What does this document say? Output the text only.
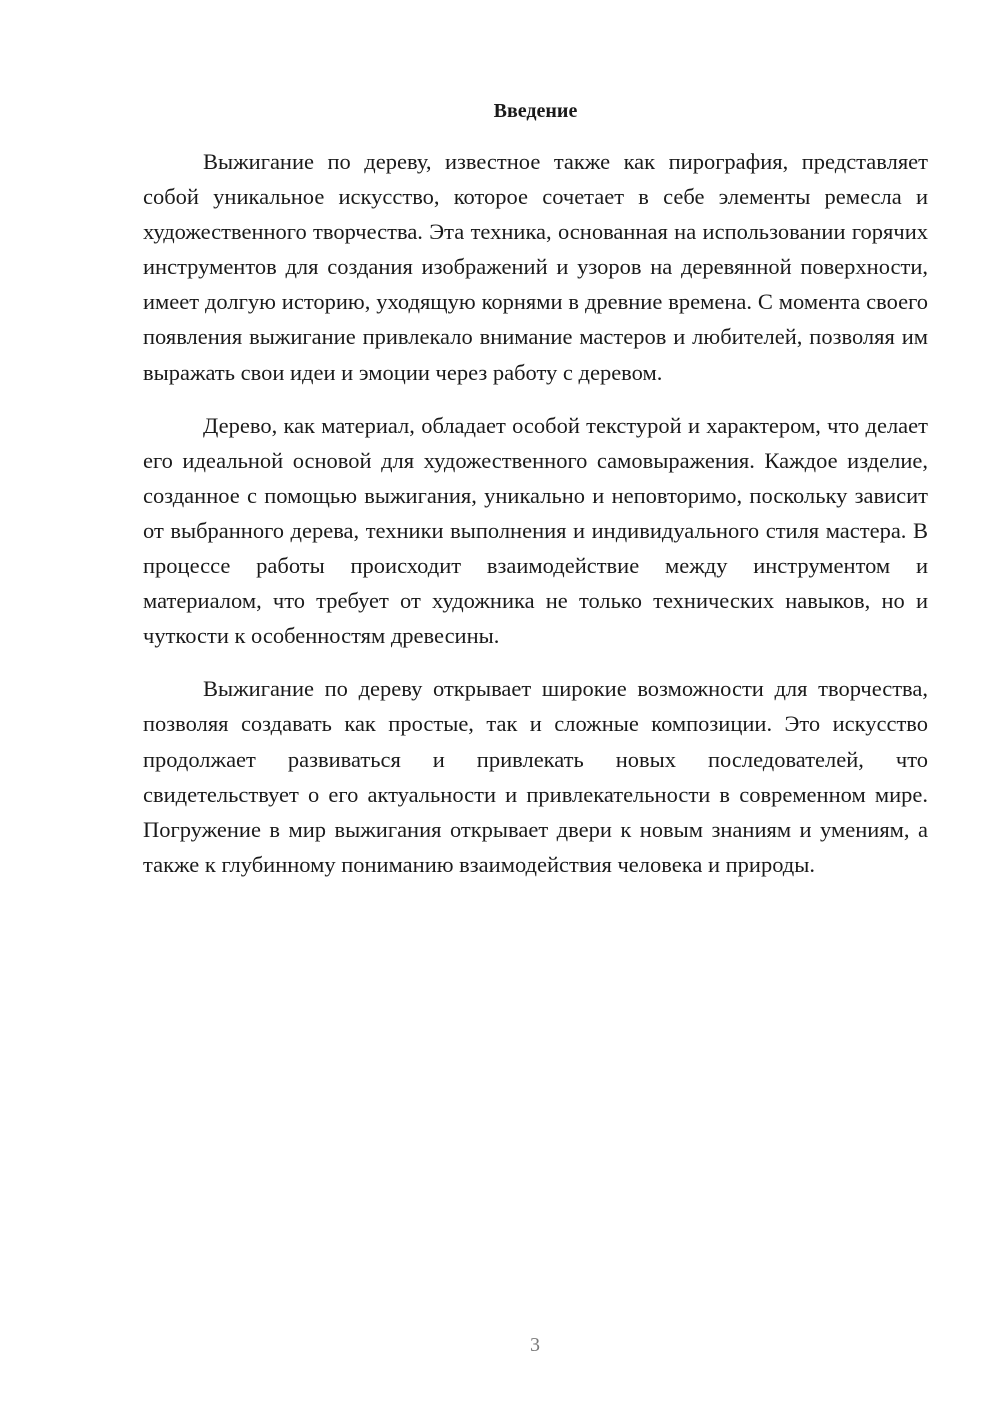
Введение

Выжигание по дереву, известное также как пирография, представляет собой уникальное искусство, которое сочетает в себе элементы ремесла и художественного творчества. Эта техника, основанная на использовании горячих инструментов для создания изображений и узоров на деревянной поверхности, имеет долгую историю, уходящую корнями в древние времена. С момента своего появления выжигание привлекало внимание мастеров и любителей, позволяя им выражать свои идеи и эмоции через работу с деревом.

Дерево, как материал, обладает особой текстурой и характером, что делает его идеальной основой для художественного самовыражения. Каждое изделие, созданное с помощью выжигания, уникально и неповторимо, поскольку зависит от выбранного дерева, техники выполнения и индивидуального стиля мастера. В процессе работы происходит взаимодействие между инструментом и материалом, что требует от художника не только технических навыков, но и чуткости к особенностям древесины.

Выжигание по дереву открывает широкие возможности для творчества, позволяя создавать как простые, так и сложные композиции. Это искусство продолжает развиваться и привлекать новых последователей, что свидетельствует о его актуальности и привлекательности в современном мире. Погружение в мир выжигания открывает двери к новым знаниям и умениям, а также к глубинному пониманию взаимодействия человека и природы.

3
